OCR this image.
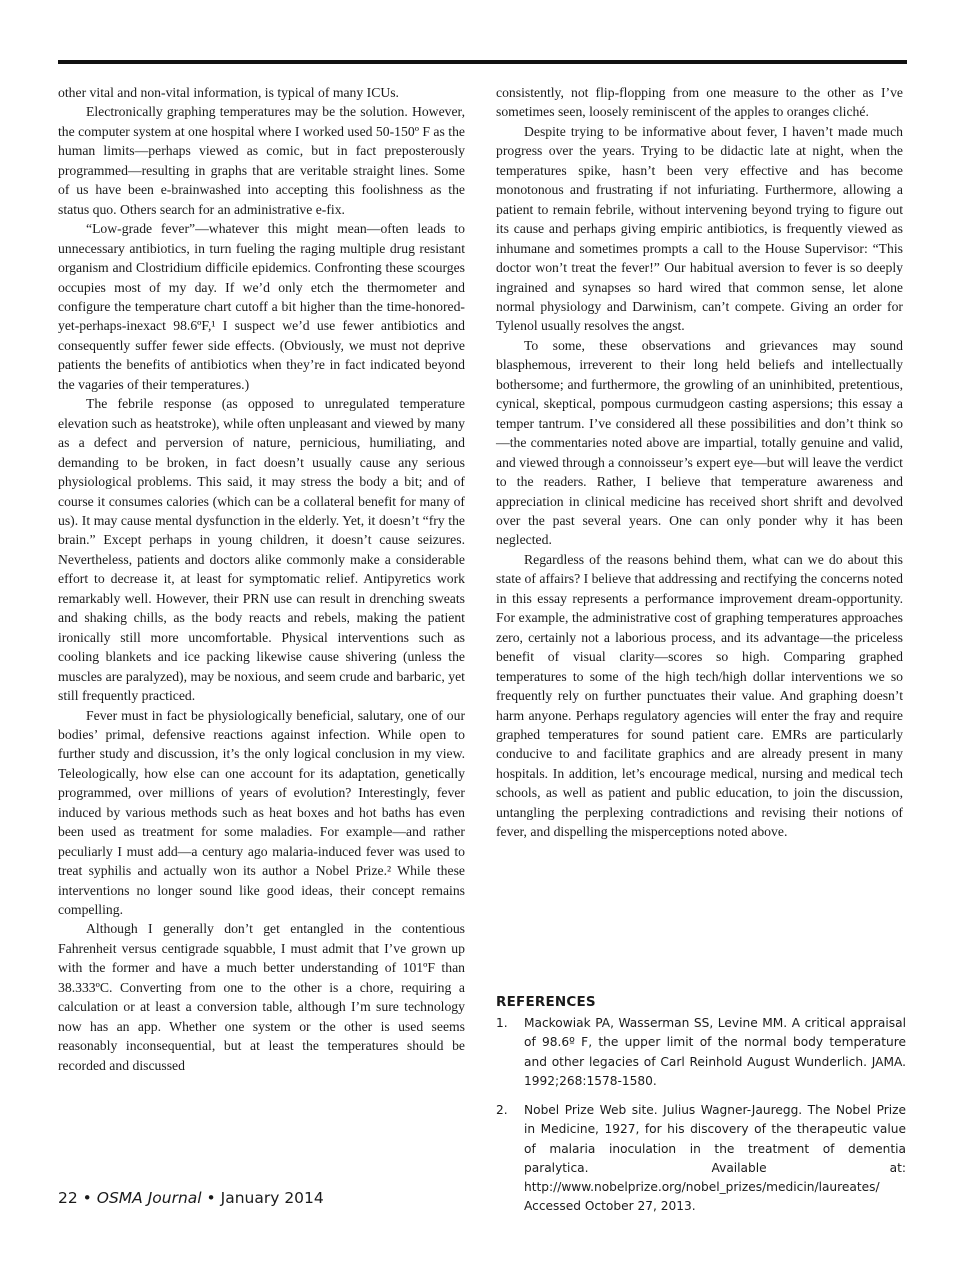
other vital and non-vital information, is typical of many ICUs.

Electronically graphing temperatures may be the solution. However, the computer system at one hospital where I worked used 50-150º F as the human limits—perhaps viewed as comic, but in fact preposterously programmed—resulting in graphs that are veritable straight lines. Some of us have been e-brainwashed into accepting this foolishness as the status quo. Others search for an administrative e-fix.

“Low-grade fever”—whatever this might mean—often leads to unnecessary antibiotics, in turn fueling the raging multiple drug resistant organism and Clostridium difficile epidemics. Confronting these scourges occupies most of my day. If we’d only etch the thermometer and configure the temperature chart cutoff a bit higher than the time-honored-yet-perhaps-inexact 98.6ºF,¹ I suspect we’d use fewer antibiotics and consequently suffer fewer side effects. (Obviously, we must not deprive patients the benefits of antibiotics when they’re in fact indicated beyond the vagaries of their temperatures.)

The febrile response (as opposed to unregulated temperature elevation such as heatstroke), while often unpleasant and viewed by many as a defect and perversion of nature, pernicious, humiliating, and demanding to be broken, in fact doesn’t usually cause any serious physiological problems. This said, it may stress the body a bit; and of course it consumes calories (which can be a collateral benefit for many of us). It may cause mental dysfunction in the elderly. Yet, it doesn’t “fry the brain.” Except perhaps in young children, it doesn’t cause seizures. Nevertheless, patients and doctors alike commonly make a considerable effort to decrease it, at least for symptomatic relief. Antipyretics work remarkably well. However, their PRN use can result in drenching sweats and shaking chills, as the body reacts and rebels, making the patient ironically still more uncomfortable. Physical interventions such as cooling blankets and ice packing likewise cause shivering (unless the muscles are paralyzed), may be noxious, and seem crude and barbaric, yet still frequently practiced.

Fever must in fact be physiologically beneficial, salutary, one of our bodies’ primal, defensive reactions against infection. While open to further study and discussion, it’s the only logical conclusion in my view. Teleologically, how else can one account for its adaptation, genetically programmed, over millions of years of evolution? Interestingly, fever induced by various methods such as heat boxes and hot baths has even been used as treatment for some maladies. For example—and rather peculiarly I must add—a century ago malaria-induced fever was used to treat syphilis and actually won its author a Nobel Prize.² While these interventions no longer sound like good ideas, their concept remains compelling.

Although I generally don’t get entangled in the contentious Fahrenheit versus centigrade squabble, I must admit that I’ve grown up with the former and have a much better understanding of 101ºF than 38.333ºC. Converting from one to the other is a chore, requiring a calculation or at least a conversion table, although I’m sure technology now has an app. Whether one system or the other is used seems reasonably inconsequential, but at least the temperatures should be recorded and discussed

consistently, not flip-flopping from one measure to the other as I’ve sometimes seen, loosely reminiscent of the apples to oranges cliché.

Despite trying to be informative about fever, I haven’t made much progress over the years. Trying to be didactic late at night, when the temperatures spike, hasn’t been very effective and has become monotonous and frustrating if not infuriating. Furthermore, allowing a patient to remain febrile, without intervening beyond trying to figure out its cause and perhaps giving empiric antibiotics, is frequently viewed as inhumane and sometimes prompts a call to the House Supervisor: “This doctor won’t treat the fever!” Our habitual aversion to fever is so deeply ingrained and synapses so hard wired that common sense, let alone normal physiology and Darwinism, can’t compete. Giving an order for Tylenol usually resolves the angst.

To some, these observations and grievances may sound blasphemous, irreverent to their long held beliefs and intellectually bothersome; and furthermore, the growling of an uninhibited, pretentious, cynical, skeptical, pompous curmudgeon casting aspersions; this essay a temper tantrum. I’ve considered all these possibilities and don’t think so—the commentaries noted above are impartial, totally genuine and valid, and viewed through a connoisseur’s expert eye—but will leave the verdict to the readers. Rather, I believe that temperature awareness and appreciation in clinical medicine has received short shrift and devolved over the past several years. One can only ponder why it has been neglected.

Regardless of the reasons behind them, what can we do about this state of affairs? I believe that addressing and rectifying the concerns noted in this essay represents a performance improvement dream-opportunity. For example, the administrative cost of graphing temperatures approaches zero, certainly not a laborious process, and its advantage—the priceless benefit of visual clarity—scores so high. Comparing graphed temperatures to some of the high tech/high dollar interventions we so frequently rely on further punctuates their value. And graphing doesn’t harm anyone. Perhaps regulatory agencies will enter the fray and require graphed temperatures for sound patient care. EMRs are particularly conducive to and facilitate graphics and are already present in many hospitals. In addition, let’s encourage medical, nursing and medical tech schools, as well as patient and public education, to join the discussion, untangling the perplexing contradictions and revising their notions of fever, and dispelling the misperceptions noted above.

REFERENCES
1. Mackowiak PA, Wasserman SS, Levine MM. A critical appraisal of 98.6º F, the upper limit of the normal body temperature and other legacies of Carl Reinhold August Wunderlich. JAMA. 1992;268:1578-1580.
2. Nobel Prize Web site. Julius Wagner-Jauregg. The Nobel Prize in Medicine, 1927, for his discovery of the therapeutic value of malaria inoculation in the treatment of dementia paralytica. Available at: http://www.nobelprize.org/nobel_prizes/medicin/laureates/ Accessed October 27, 2013.
22 • OSMA Journal • January 2014
